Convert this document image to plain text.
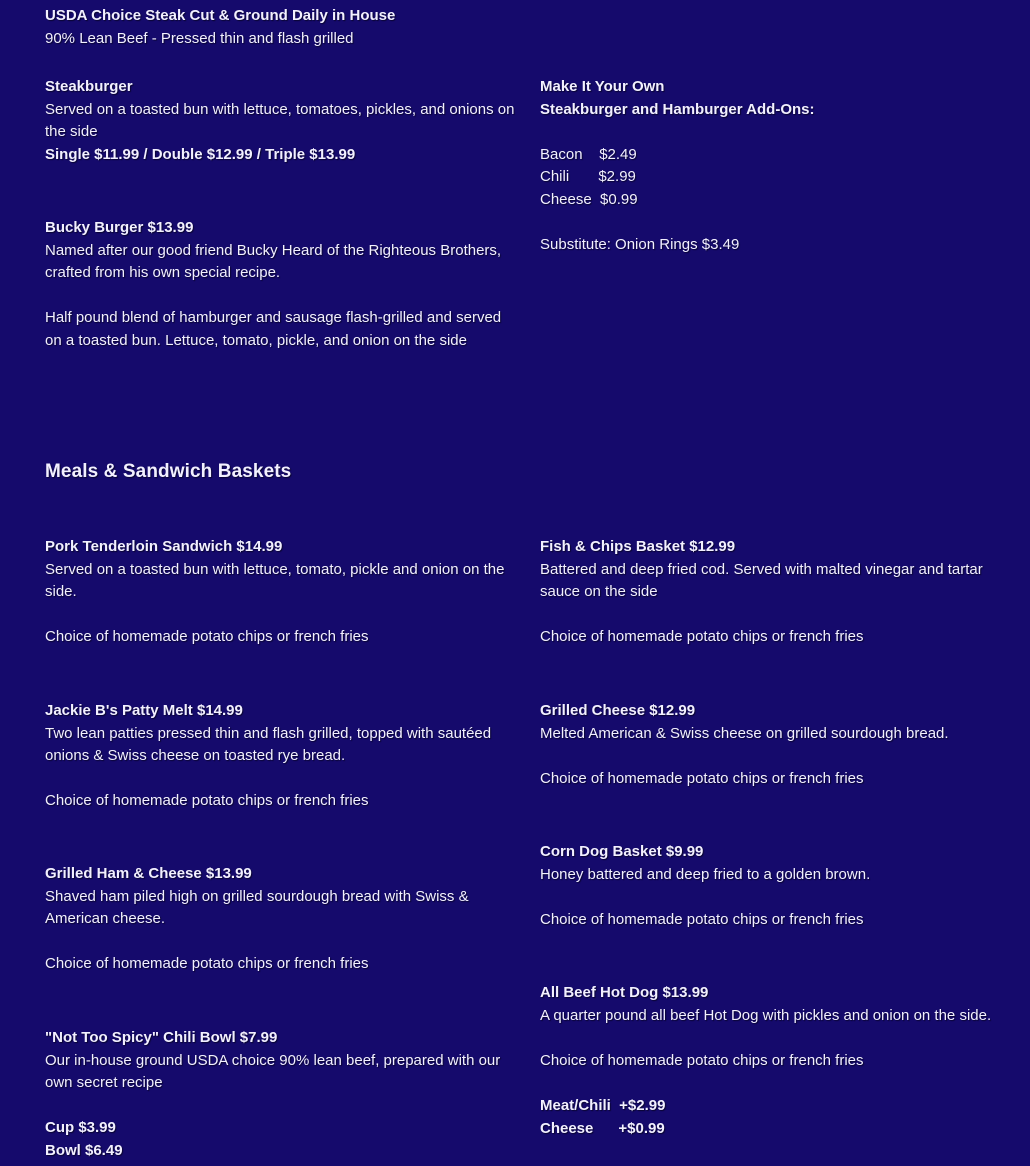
USDA Choice Steak Cut & Ground Daily in House
90% Lean Beef - Pressed thin and flash grilled
Steakburger
Served on a toasted bun with lettuce, tomatoes, pickles, and onions on the side
Single $11.99 / Double $12.99 / Triple $13.99
Bucky Burger $13.99
Named after our good friend Bucky Heard of the Righteous Brothers, crafted from his own special recipe.
Half pound blend of hamburger and sausage flash-grilled and served on a toasted bun. Lettuce, tomato, pickle, and onion on the side
Make It Your Own
Steakburger and Hamburger Add-Ons:
Bacon    $2.49
Chili       $2.99
Cheese  $0.99
Substitute: Onion Rings $3.49
Meals & Sandwich Baskets
Pork Tenderloin Sandwich $14.99
Served on a toasted bun with lettuce, tomato, pickle and onion on the side.
Choice of homemade potato chips or french fries
Jackie B's Patty Melt $14.99
Two lean patties pressed thin and flash grilled, topped with sautéed onions & Swiss cheese on toasted rye bread.
Choice of homemade potato chips or french fries
Grilled Ham & Cheese $13.99
Shaved ham piled high on grilled sourdough bread with Swiss & American cheese.
Choice of homemade potato chips or french fries
"Not Too Spicy" Chili Bowl $7.99
Our in-house ground USDA choice 90% lean beef, prepared with our own secret recipe
Cup $3.99
Bowl $6.49
Fish & Chips Basket $12.99
Battered and deep fried cod. Served with malted vinegar and tartar sauce on the side
Choice of homemade potato chips or french fries
Grilled Cheese $12.99
Melted American & Swiss cheese on grilled sourdough bread.
Choice of homemade potato chips or french fries
Corn Dog Basket $9.99
Honey battered and deep fried to a golden brown.
Choice of homemade potato chips or french fries
All Beef Hot Dog $13.99
A quarter pound all beef Hot Dog with pickles and onion on the side.
Choice of homemade potato chips or french fries
Meat/Chili  +$2.99
Cheese      +$0.99
